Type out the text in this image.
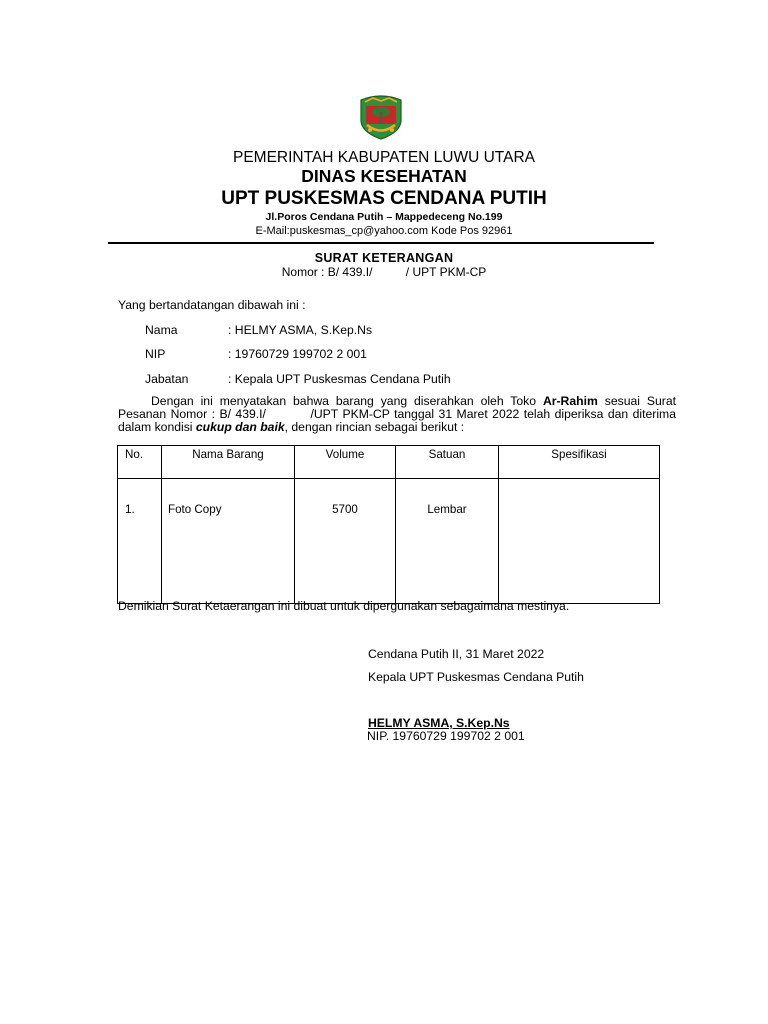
PEMERINTAH KABUPATEN LUWU UTARA
DINAS KESEHATAN
UPT PUSKESMAS CENDANA PUTIH
Jl.Poros Cendana Putih – Mappedeceng No.199
E-Mail:puskesmas_cp@yahoo.com Kode Pos 92961
SURAT KETERANGAN
Nomor : B/ 439.I/          / UPT PKM-CP
Yang bertandatangan dibawah ini :
Nama	: HELMY ASMA, S.Kep.Ns
NIP	: 19760729 199702 2 001
Jabatan	: Kepala UPT Puskesmas Cendana Putih
Dengan ini menyatakan bahwa barang yang diserahkan oleh Toko Ar-Rahim sesuai Surat Pesanan Nomor : B/ 439.I/          /UPT PKM-CP tanggal 31 Maret 2022 telah diperiksa dan diterima dalam kondisi cukup dan baik, dengan rincian sebagai berikut :
No.	Nama Barang	Volume	Satuan	Spesifikasi
1.	Foto Copy	5700	Lembar	
Demikian Surat Ketaerangan ini dibuat untuk dipergunakan sebagaimana mestinya.
Cendana Putih II, 31 Maret 2022
Kepala UPT Puskesmas Cendana Putih
HELMY ASMA, S.Kep.Ns
NIP. 19760729 199702 2 001
